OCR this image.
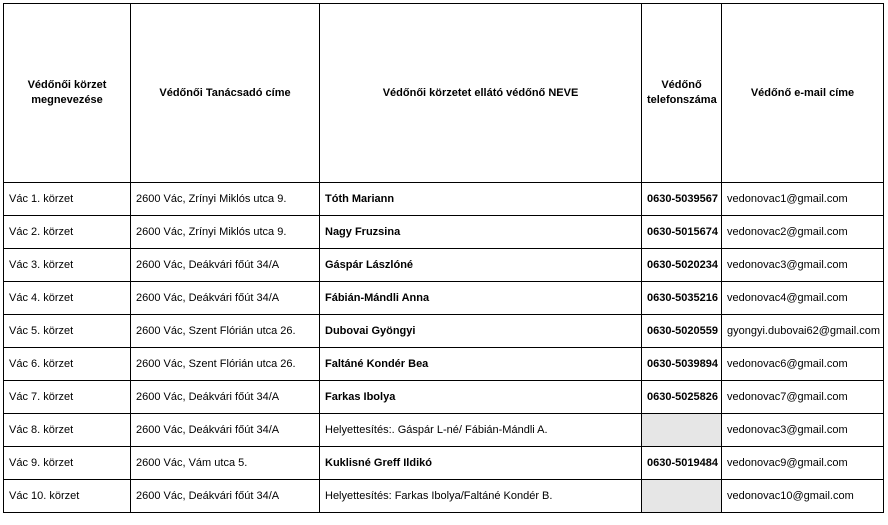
Védőnői körzet megnevezése	Védőnői Tanácsadó címe	Védőnői körzetet ellátó védőnő NEVE	Védőnő telefonszáma	Védőnő e-mail címe
Vác 1. körzet	2600 Vác, Zrínyi Miklós utca 9.	Tóth Mariann	0630-5039567	vedonovac1@gmail.com
Vác 2. körzet	2600 Vác, Zrínyi Miklós utca 9.	Nagy Fruzsina	0630-5015674	vedonovac2@gmail.com
Vác 3. körzet	2600 Vác, Deákvári főút 34/A	Gáspár Lászlóné	0630-5020234	vedonovac3@gmail.com
Vác 4. körzet	2600 Vác, Deákvári főút 34/A	Fábián-Mándli Anna	0630-5035216	vedonovac4@gmail.com
Vác 5. körzet	2600 Vác, Szent Flórián utca 26.	Dubovai Gyöngyi	0630-5020559	gyongyi.dubovai62@gmail.com
Vác 6. körzet	2600 Vác, Szent Flórián utca 26.	Faltáné Kondér Bea	0630-5039894	vedonovac6@gmail.com
Vác 7. körzet	2600 Vác, Deákvári főút 34/A	Farkas Ibolya	0630-5025826	vedonovac7@gmail.com
Vác 8. körzet	2600 Vác, Deákvári főút 34/A	Helyettesítés:. Gáspár L-né/ Fábián-Mándli A.		vedonovac3@gmail.com
Vác 9. körzet	2600 Vác, Vám utca 5.	Kuklisné Greff Ildikó	0630-5019484	vedonovac9@gmail.com
Vác 10. körzet	2600 Vác, Deákvári főút 34/A	Helyettesítés: Farkas Ibolya/Faltáné Kondér B.		vedonovac10@gmail.com
